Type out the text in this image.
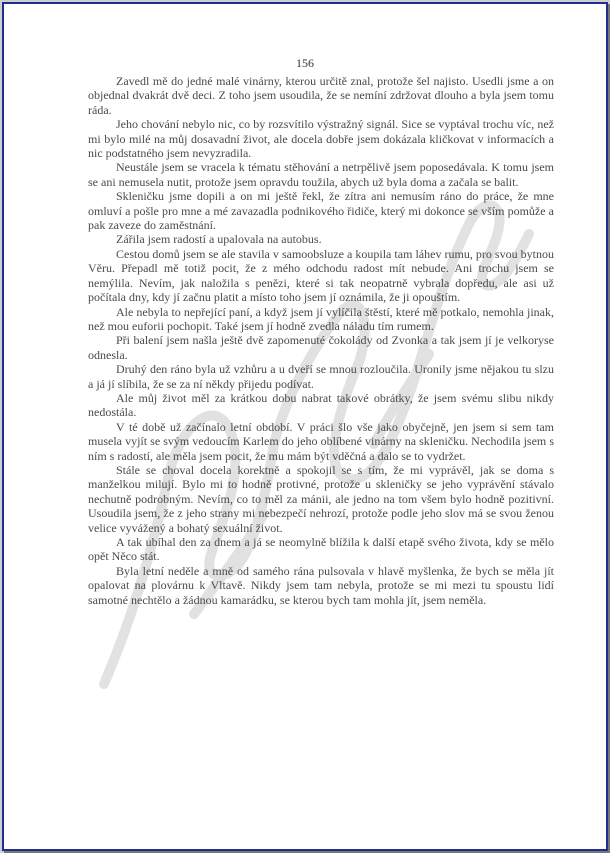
156

Zavedl mě do jedné malé vinárny, kterou určitě znal, protože šel najisto. Usedli jsme a on objednal dvakrát dvě deci. Z toho jsem usoudila, že se nemíní zdržovat dlouho a byla jsem tomu ráda.

Jeho chování nebylo nic, co by rozsvítilo výstražný signál. Sice se vyptával trochu víc, než mi bylo milé na můj dosavadní život, ale docela dobře jsem dokázala kličkovat v informacích a nic podstatného jsem nevyzradila.

Neustále jsem se vracela k tématu stěhování a netrpělivě jsem poposedávala. K tomu jsem se ani nemusela nutit, protože jsem opravdu toužila, abych už byla doma a začala se balit.

Skleničku jsme dopili a on mi ještě řekl, že zítra ani nemusím ráno do práce, že mne omluví a pošle pro mne a mé zavazadla podnikového řidiče, který mi dokonce se vším pomůže a pak zaveze do zaměstnání.

Zářila jsem radostí a upalovala na autobus.

Cestou domů jsem se ale stavila v samoobsluze a koupila tam láhev rumu, pro svou bytnou Věru. Přepadl mě totiž pocit, že z mého odchodu radost mít nebude. Ani trochu jsem se nemýlila. Nevím, jak naložila s penězi, které si tak neopatrně vybrala dopředu, ale asi už počítala dny, kdy jí začnu platit a místo toho jsem jí oznámila, že ji opouštím.

Ale nebyla to nepřející paní, a když jsem jí vylíčila štěstí, které mě potkalo, nemohla jinak, než mou euforii pochopit. Také jsem jí hodně zvedla náladu tím rumem.

Při balení jsem našla ještě dvě zapomenuté čokolády od Zvonka a tak jsem jí je velkoryse odnesla.

Druhý den ráno byla už vzhůru a u dveří se mnou rozloučila. Uronily jsme nějakou tu slzu a já jí slíbila, že se za ní někdy přijedu podívat.

Ale můj život měl za krátkou dobu nabrat takové obrátky, že jsem svému slibu nikdy nedostála.

V té době už začínalo letní období. V práci šlo vše jako obyčejně, jen jsem si sem tam musela vyjít se svým vedoucím Karlem do jeho oblíbené vinárny na skleničku. Nechodila jsem s ním s radostí, ale měla jsem pocit, že mu mám být vděčná a dalo se to vydržet.

Stále se choval docela korektně a spokojil se s tím, že mi vyprávěl, jak se doma s manželkou milují. Bylo mi to hodně protivné, protože u skleničky se jeho vyprávění stávalo nechutně podrobným. Nevím, co to měl za mánii, ale jedno na tom všem bylo hodně pozitivní. Usoudila jsem, že z jeho strany mi nebezpečí nehrozí, protože podle jeho slov má se svou ženou velice vyvážený a bohatý sexuální život.

A tak ubíhal den za dnem a já se neomylně blížila k další etapě svého života, kdy se mělo opět Něco stát.

Byla letní neděle a mně od samého rána pulsovala v hlavě myšlenka, že bych se měla jít opalovat na plovárnu k Vltavě. Nikdy jsem tam nebyla, protože se mi mezi tu spoustu lidí samotné nechtělo a žádnou kamarádku, se kterou bych tam mohla jít, jsem neměla.
